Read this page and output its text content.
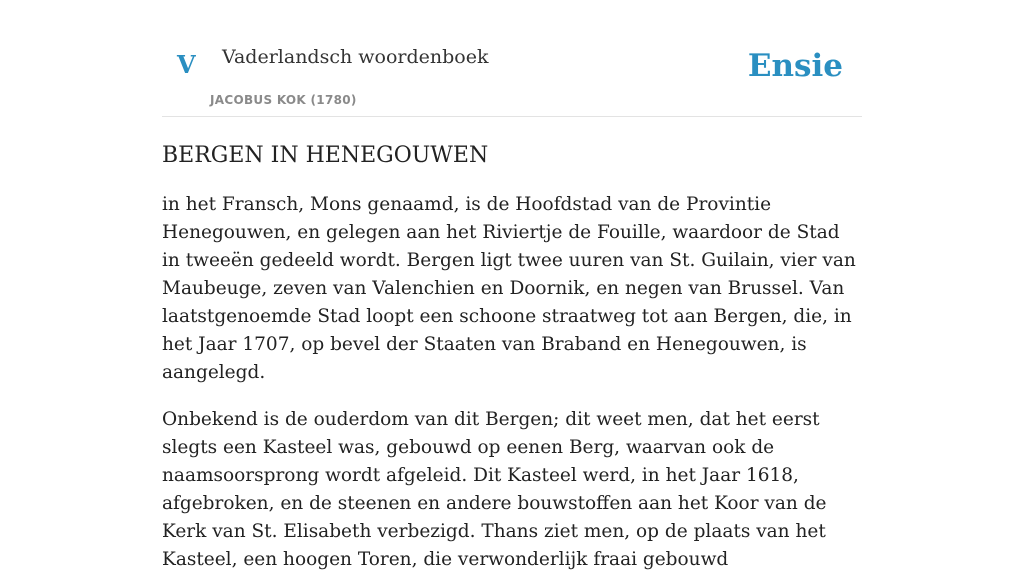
V Vaderlandsch woordenboek
JACOBUS KOK (1780)
Ensie
BERGEN IN HENEGOUWEN

in het Fransch, Mons genaamd, is de Hoofdstad van de Provintie Henegouwen, en gelegen aan het Riviertje de Fouille, waardoor de Stad in tweeën gedeeld wordt. Bergen ligt twee uuren van St. Guilain, vier van Maubeuge, zeven van Valenchien en Doornik, en negen van Brussel. Van laatstgenoemde Stad loopt een schoone straatweg tot aan Bergen, die, in het Jaar 1707, op bevel der Staaten van Braband en Henegouwen, is aangelegd.

Onbekend is de ouderdom van dit Bergen; dit weet men, dat het eerst slegts een Kasteel was, gebouwd op eenen Berg, waarvan ook de naamsoorsprong wordt afgeleid. Dit Kasteel werd, in het Jaar 1618, afgebroken, en de steenen en andere bouwstoffen aan het Koor van de Kerk van St. Elisabeth verbezigd. Thans ziet men, op de plaats van het Kasteel, een hoogen Toren, die verwonderlijk fraai gebouwd
